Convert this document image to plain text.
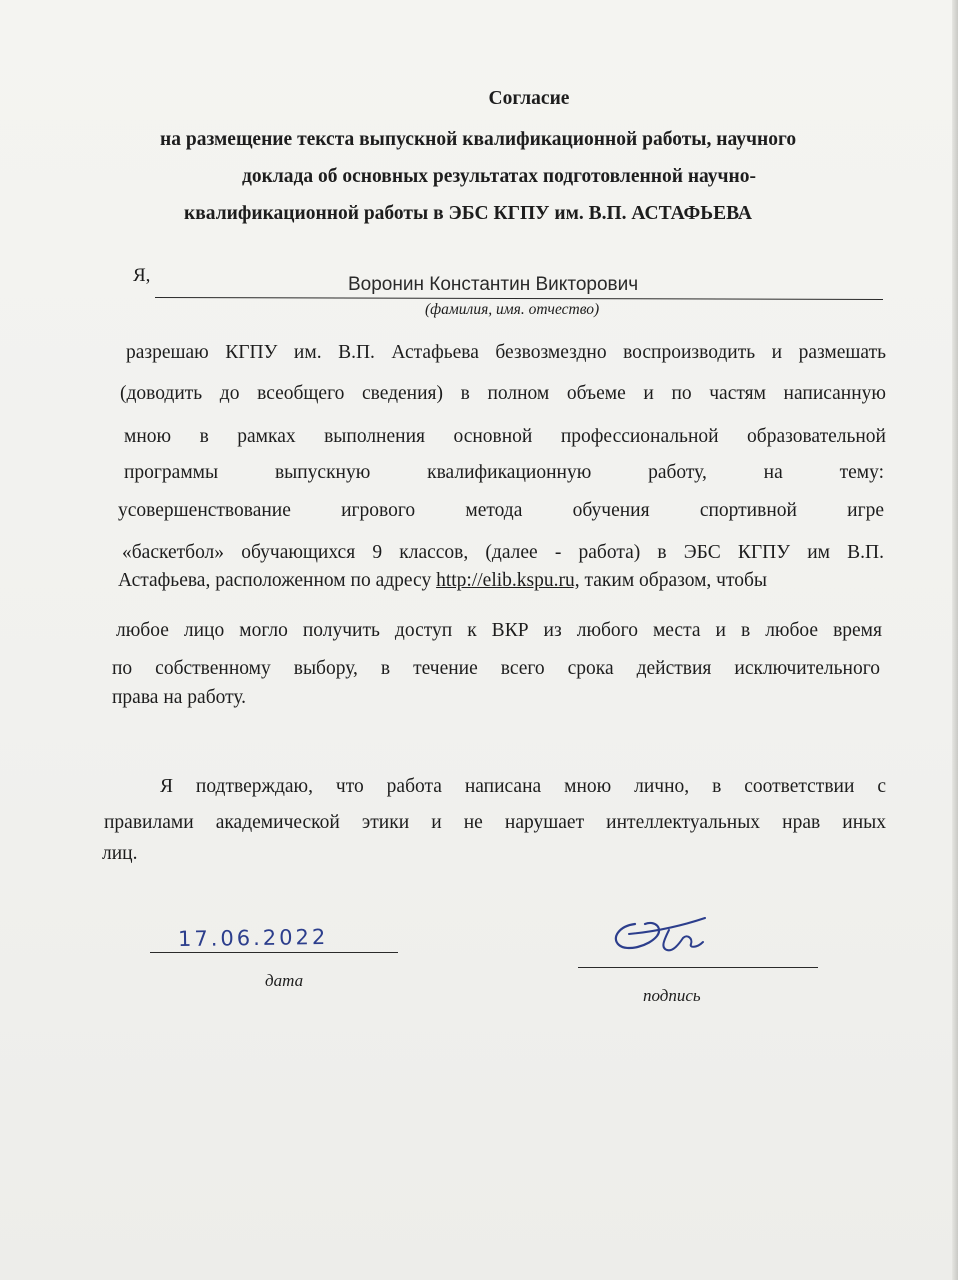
Согласие
на размещение текста выпускной квалификационной работы, научного
доклада об основных результатах подготовленной научно-
квалификационной работы в ЭБС КГПУ им. В.П. АСТАФЬЕВА
Я,	Воронин Константин Викторович
(фамилия, имя. отчество)
разрешаю КГПУ им. В.П. Астафьева безвозмездно воспроизводить и размешать
(доводить до всеобщего сведения) в полном объеме и по частям написанную
мною в рамках выполнения основной профессиональной образовательной
программы выпускную квалификационную работу, на тему:
усовершенствование игрового метода обучения спортивной игре
«баскетбол» обучающихся 9 классов, (далее - работа) в ЭБС КГПУ им В.П.
Астафьева, расположенном по адресу http://elib.kspu.ru, таким образом, чтобы
любое лицо могло получить доступ к ВКР из любого места и в любое время
по собственному выбору, в течение всего срока действия исключительного
права на работу.
Я подтверждаю, что работа написана мною лично, в соответствии с
правилами академической этики и не нарушает интеллектуальных нрав иных
лиц.
17.06.2022
дата
подпись
